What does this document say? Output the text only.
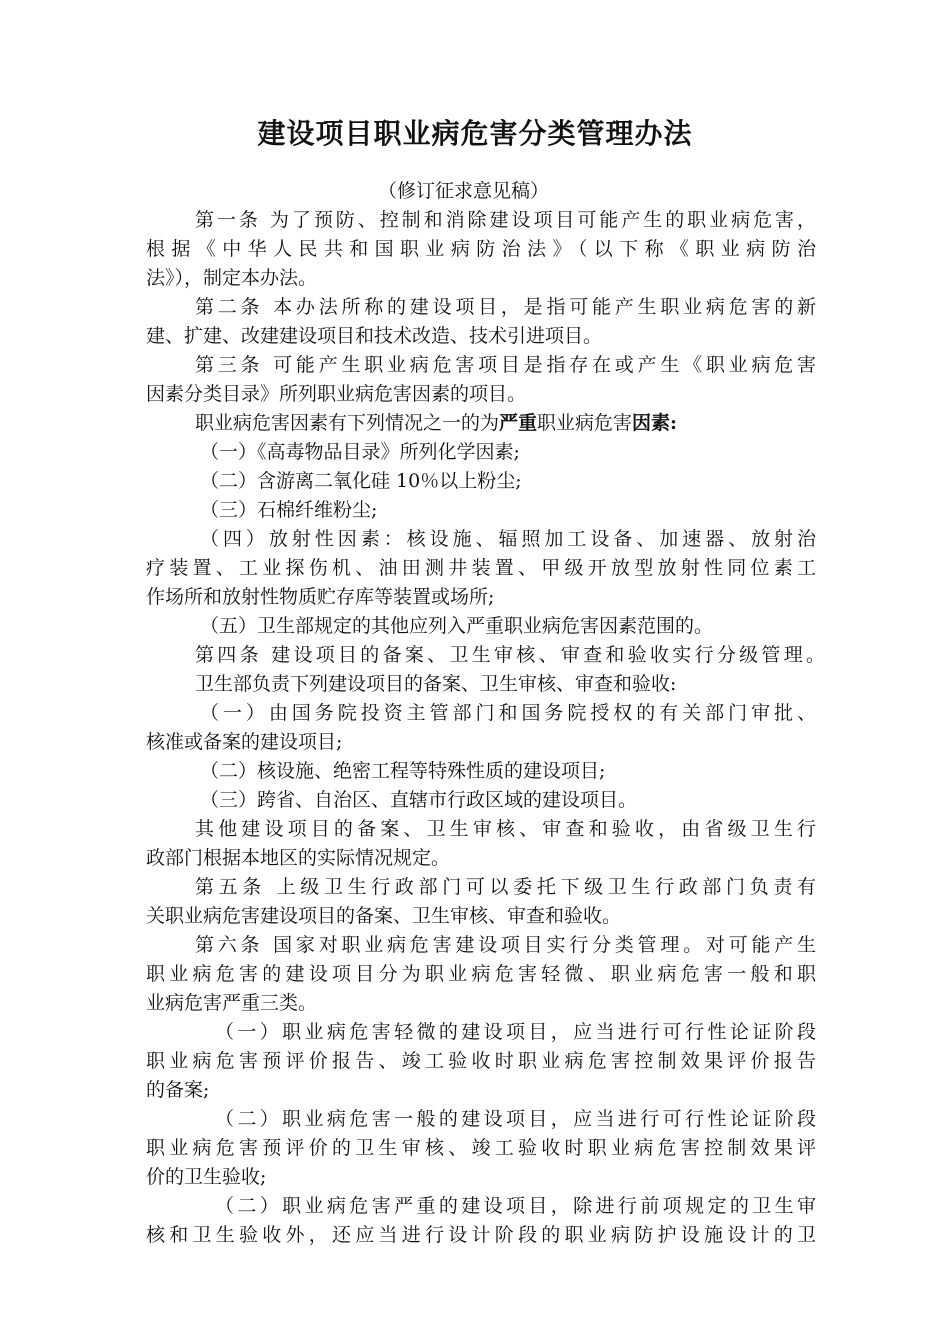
建设项目职业病危害分类管理办法
（修订征求意见稿）
第一条 为了预防、控制和消除建设项目可能产生的职业病危害，
根据《中华人民共和国职业病防治法》（以下称《职业病防治
法》），制定本办法。
第二条 本办法所称的建设项目，是指可能产生职业病危害的新
建、扩建、改建建设项目和技术改造、技术引进项目。
第三条 可能产生职业病危害项目是指存在或产生《职业病危害
因素分类目录》所列职业病危害因素的项目。
职业病危害因素有下列情况之一的为严重职业病危害因素:
（一）《高毒物品目录》所列化学因素;
（二）含游离二氧化硅 10％以上粉尘;
（三）石棉纤维粉尘;
（四）放射性因素：核设施、辐照加工设备、加速器、放射治
疗装置、工业探伤机、油田测井装置、甲级开放型放射性同位素工
作场所和放射性物质贮存库等装置或场所;
（五）卫生部规定的其他应列入严重职业病危害因素范围的。
第四条 建设项目的备案、卫生审核、审查和验收实行分级管理。
卫生部负责下列建设项目的备案、卫生审核、审查和验收:
（一）由国务院投资主管部门和国务院授权的有关部门审批、
核准或备案的建设项目;
（二）核设施、绝密工程等特殊性质的建设项目;
（三）跨省、自治区、直辖市行政区域的建设项目。
其他建设项目的备案、卫生审核、审查和验收，由省级卫生行
政部门根据本地区的实际情况规定。
第五条 上级卫生行政部门可以委托下级卫生行政部门负责有
关职业病危害建设项目的备案、卫生审核、审查和验收。
第六条 国家对职业病危害建设项目实行分类管理。对可能产生
职业病危害的建设项目分为职业病危害轻微、职业病危害一般和职
业病危害严重三类。
（一）职业病危害轻微的建设项目，应当进行可行性论证阶段
职业病危害预评价报告、竣工验收时职业病危害控制效果评价报告
的备案;
（二）职业病危害一般的建设项目，应当进行可行性论证阶段
职业病危害预评价的卫生审核、竣工验收时职业病危害控制效果评
价的卫生验收;
（二）职业病危害严重的建设项目，除进行前项规定的卫生审
核和卫生验收外，还应当进行设计阶段的职业病防护设施设计的卫
